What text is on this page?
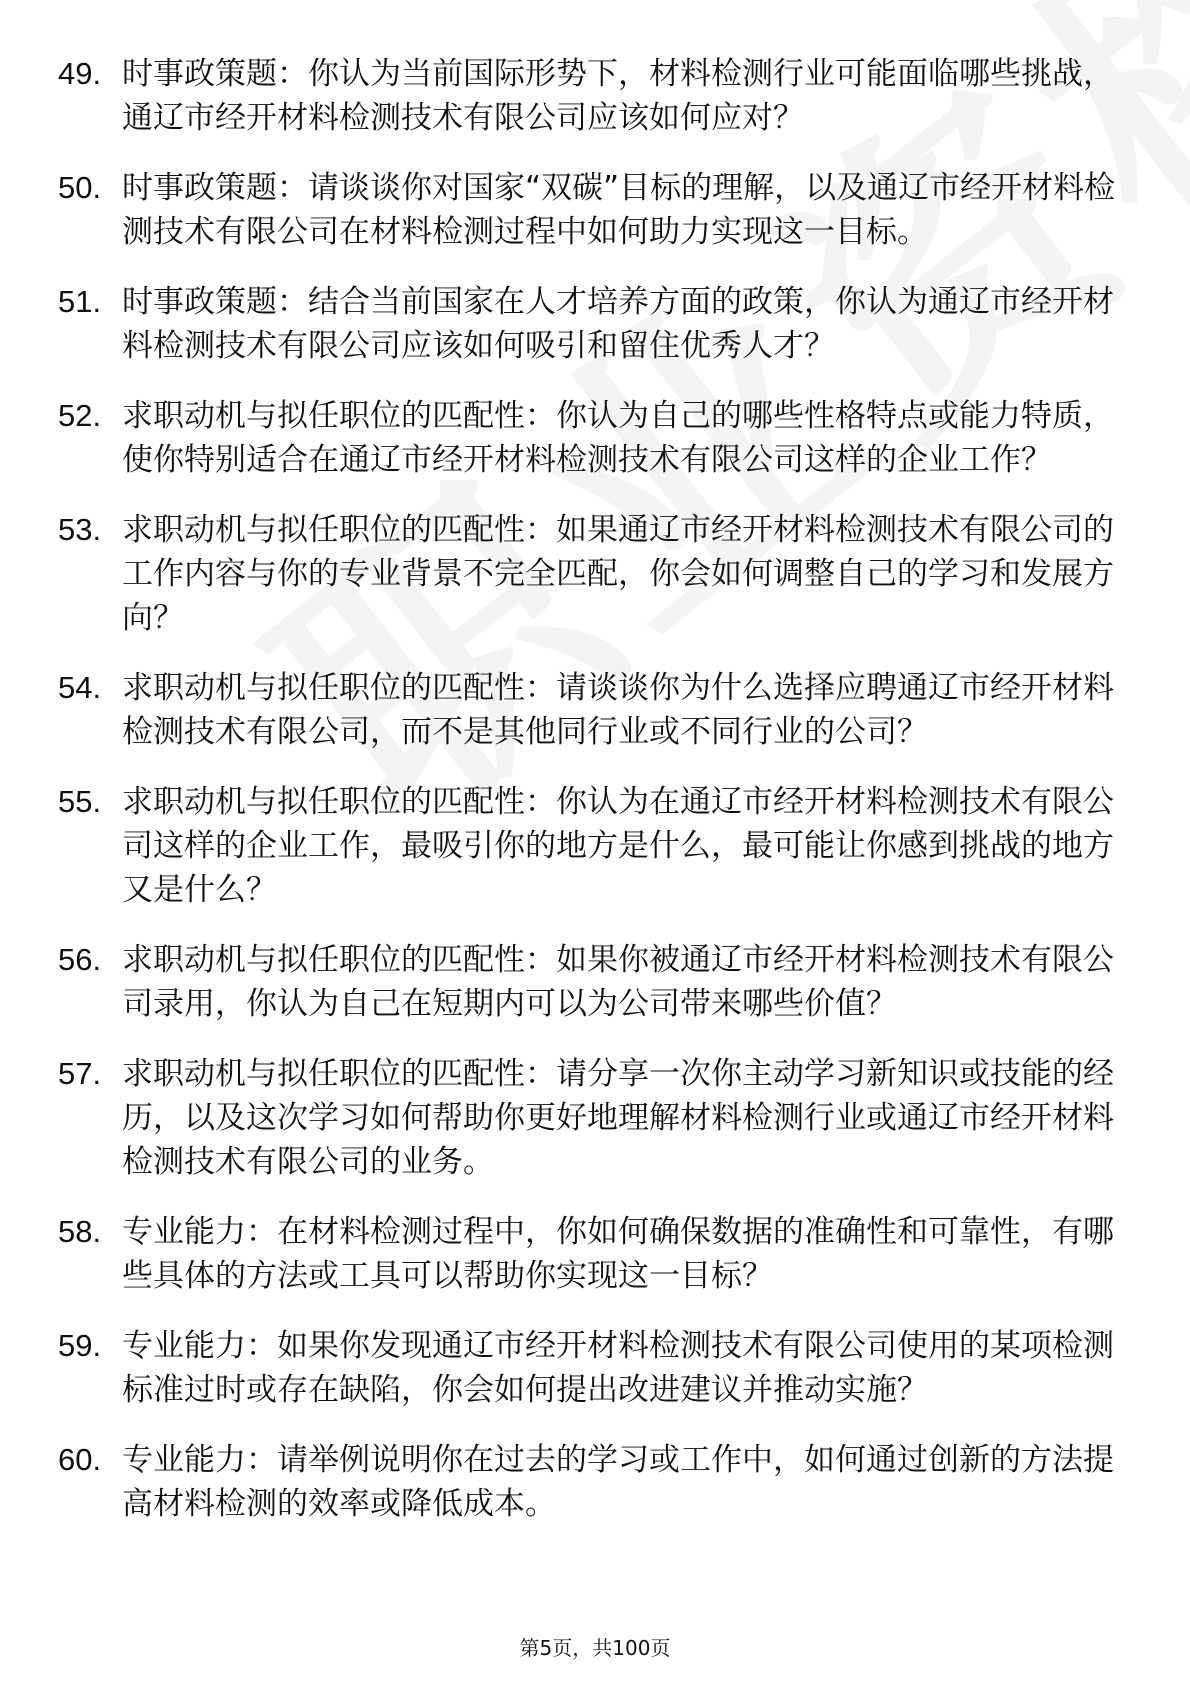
49. 时事政策题：你认为当前国际形势下，材料检测行业可能面临哪些挑战，通辽市经开材料检测技术有限公司应该如何应对？
50. 时事政策题：请谈谈你对国家“双碳”目标的理解，以及通辽市经开材料检测技术有限公司在材料检测过程中如何助力实现这一目标。
51. 时事政策题：结合当前国家在人才培养方面的政策，你认为通辽市经开材料检测技术有限公司应该如何吸引和留住优秀人才？
52. 求职动机与拟任职位的匹配性：你认为自己的哪些性格特点或能力特质，使你特别适合在通辽市经开材料检测技术有限公司这样的企业工作？
53. 求职动机与拟任职位的匹配性：如果通辽市经开材料检测技术有限公司的工作内容与你的专业背景不完全匹配，你会如何调整自己的学习和发展方向？
54. 求职动机与拟任职位的匹配性：请谈谈你为什么选择应聘通辽市经开材料检测技术有限公司，而不是其他同行业或不同行业的公司？
55. 求职动机与拟任职位的匹配性：你认为在通辽市经开材料检测技术有限公司这样的企业工作，最吸引你的地方是什么，最可能让你感到挑战的地方又是什么？
56. 求职动机与拟任职位的匹配性：如果你被通辽市经开材料检测技术有限公司录用，你认为自己在短期内可以为公司带来哪些价值？
57. 求职动机与拟任职位的匹配性：请分享一次你主动学习新知识或技能的经历，以及这次学习如何帮助你更好地理解材料检测行业或通辽市经开材料检测技术有限公司的业务。
58. 专业能力：在材料检测过程中，你如何确保数据的准确性和可靠性，有哪些具体的方法或工具可以帮助你实现这一目标？
59. 专业能力：如果你发现通辽市经开材料检测技术有限公司使用的某项检测标准过时或存在缺陷，你会如何提出改进建议并推动实施？
60. 专业能力：请举例说明你在过去的学习或工作中，如何通过创新的方法提高材料检测的效率或降低成本。
第5页，共100页
